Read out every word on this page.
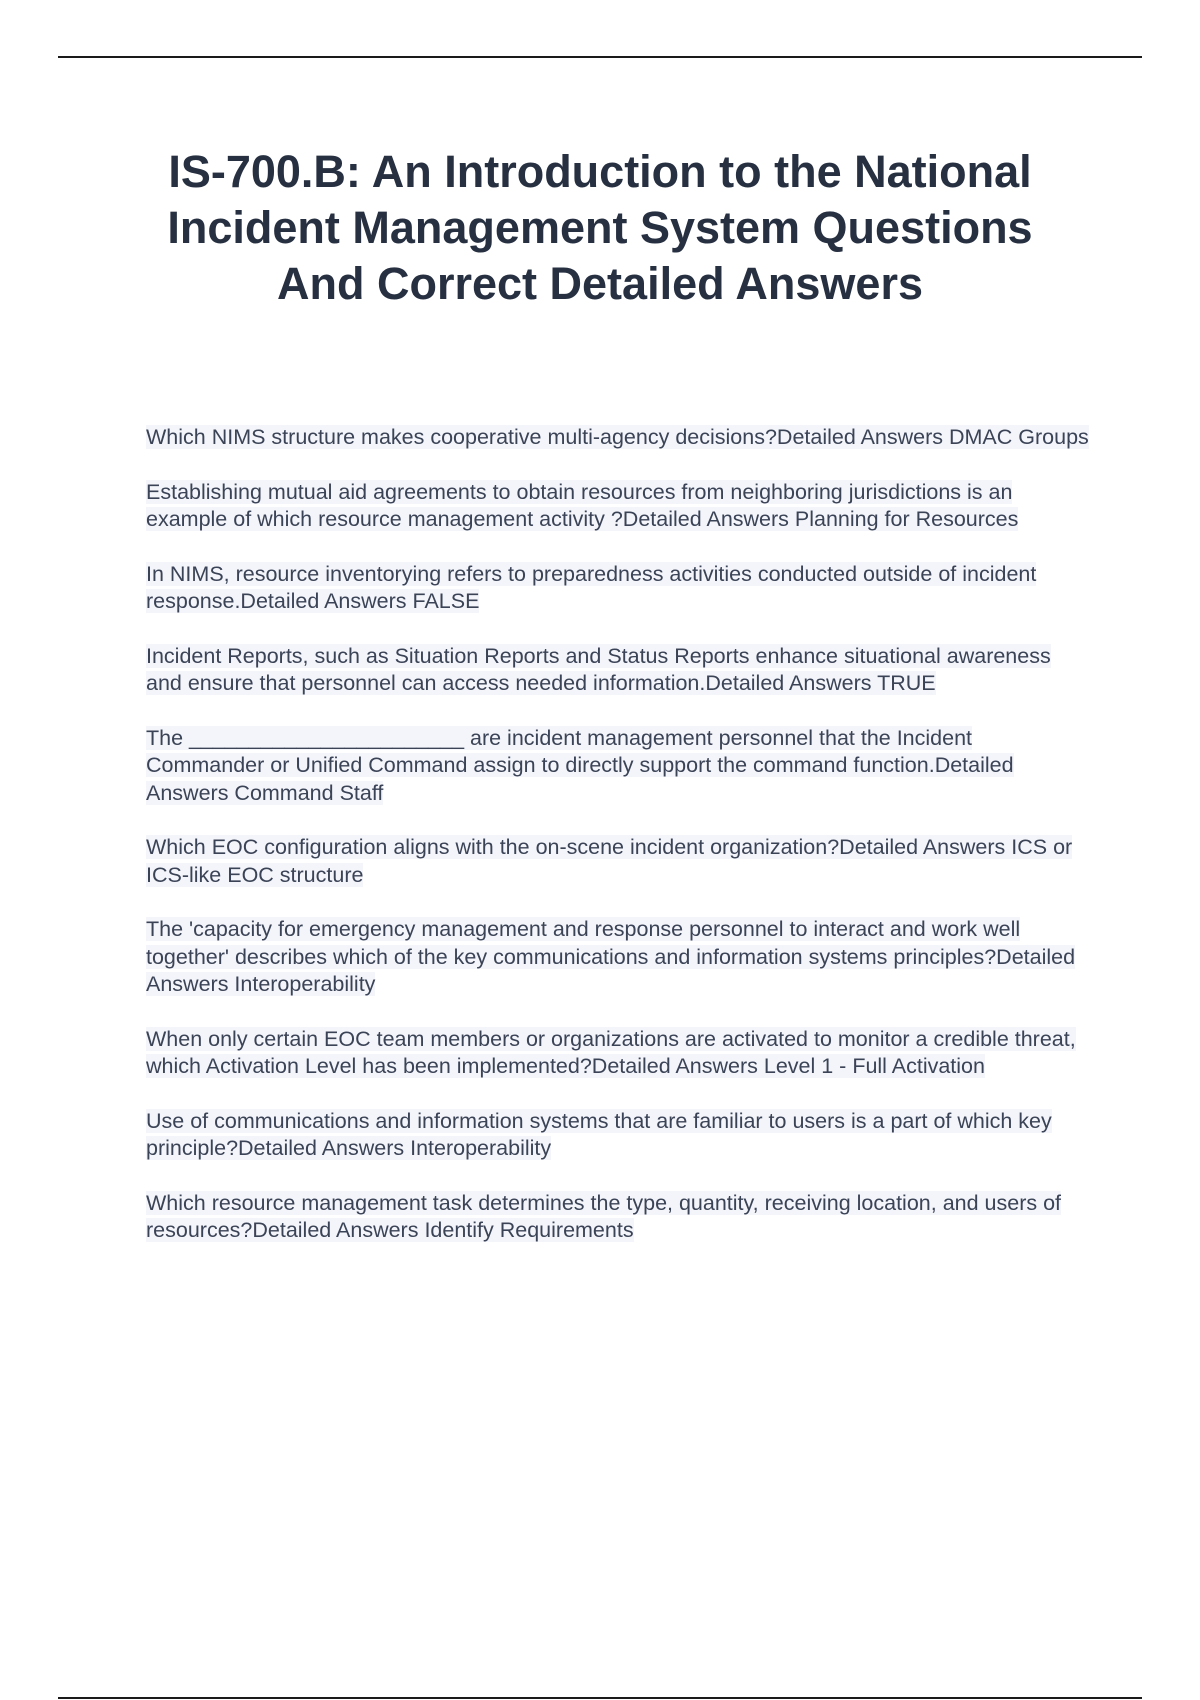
IS-700.B: An Introduction to the National Incident Management System Questions And Correct Detailed Answers

Which NIMS structure makes cooperative multi-agency decisions?Detailed Answers DMAC Groups

Establishing mutual aid agreements to obtain resources from neighboring jurisdictions is an example of which resource management activity ?Detailed Answers Planning for Resources

In NIMS, resource inventorying refers to preparedness activities conducted outside of incident response.Detailed Answers FALSE

Incident Reports, such as Situation Reports and Status Reports enhance situational awareness and ensure that personnel can access needed information.Detailed Answers TRUE

The _______________________ are incident management personnel that the Incident Commander or Unified Command assign to directly support the command function.Detailed Answers Command Staff

Which EOC configuration aligns with the on-scene incident organization?Detailed Answers ICS or ICS-like EOC structure

The 'capacity for emergency management and response personnel to interact and work well together' describes which of the key communications and information systems principles?Detailed Answers Interoperability

When only certain EOC team members or organizations are activated to monitor a credible threat, which Activation Level has been implemented?Detailed Answers Level 1 - Full Activation

Use of communications and information systems that are familiar to users is a part of which key principle?Detailed Answers Interoperability

Which resource management task determines the type, quantity, receiving location, and users of resources?Detailed Answers Identify Requirements
